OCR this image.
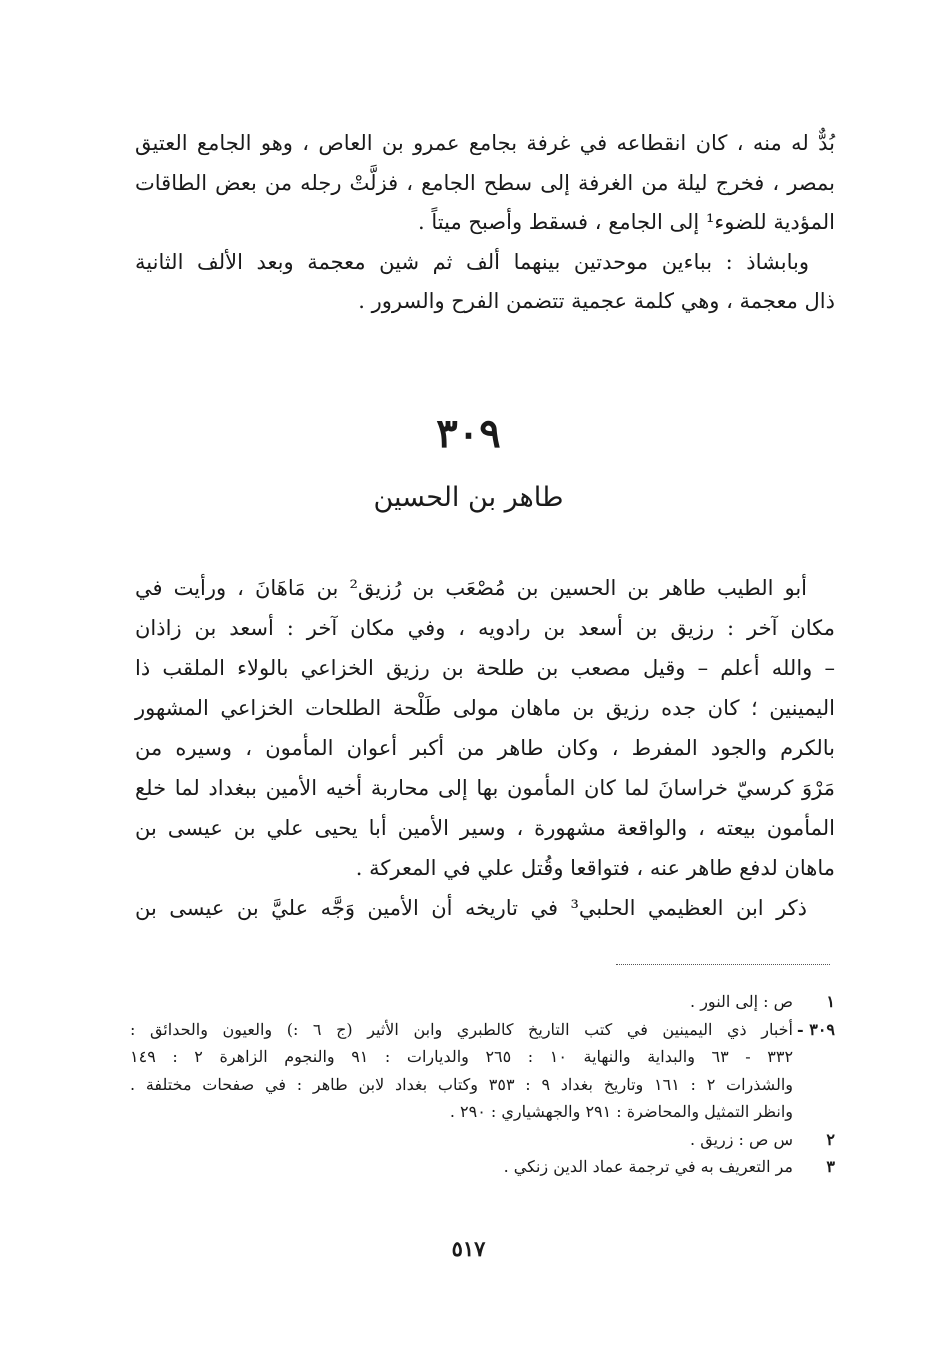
بُدٌّ له منه ، كان انقطاعه في غرفة بجامع عمرو بن العاص ، وهو الجامع العتيق
بمصر ، فخرج ليلة من الغرفة إلى سطح الجامع ، فزلَّتْ رجله من بعض الطاقات
المؤدية للضوء¹ إلى الجامع ، فسقط وأصبح ميتاً .
وبابشاذ : بباءين موحدتين بينهما ألف ثم شين معجمة وبعد الألف الثانية
ذال معجمة ، وهي كلمة عجمية تتضمن الفرح والسرور .
٣٠٩
طاهر بن الحسين
أبو الطيب طاهر بن الحسين بن مُصْعَب بن رُزيق² بن مَاهَانَ ، ورأيت في
مكان آخر : رزيق بن أسعد بن رادويه ، وفي مكان آخر : أسعد بن زاذان
– والله أعلم – وقيل مصعب بن طلحة بن رزيق الخزاعي بالولاء الملقب ذا
اليمينين ؛ كان جده رزيق بن ماهان مولى طَلْحة الطلحات الخزاعي المشهور
بالكرم والجود المفرط ، وكان طاهر من أكبر أعوان المأمون ، وسيره من
مَرْوَ كرسيّ خراسانَ لما كان المأمون بها إلى محاربة أخيه الأمين ببغداد لما خلع
المأمون بيعته ، والواقعة مشهورة ، وسير الأمين أبا يحيى علي بن عيسى بن
ماهان لدفع طاهر عنه ، فتواقعا وقُتل علي في المعركة .
ذكر ابن العظيمي الحلبي³ في تاريخه أن الأمين وَجَّه عليَّ بن عيسى بن
١
ص : إلى النور .
٣٠٩ -
أخبار ذي اليمينين في كتب التاريخ كالطبري وابن الأثير (ج ٦ :) والعيون والحدائق :
٣٣٢ - ٦٣ والبداية والنهاية ١٠ : ٢٦٥ والديارات : ٩١ والنجوم الزاهرة ٢ : ١٤٩
والشذرات ٢ : ١٦١ وتاريخ بغداد ٩ : ٣٥٣ وكتاب بغداد لابن طاهر : في صفحات مختلفة .
وانظر التمثيل والمحاضرة : ٢٩١ والجهشياري : ٢٩٠ .
٢
س ص : زريق .
٣
مر التعريف به في ترجمة عماد الدين زنكي .
٥١٧
